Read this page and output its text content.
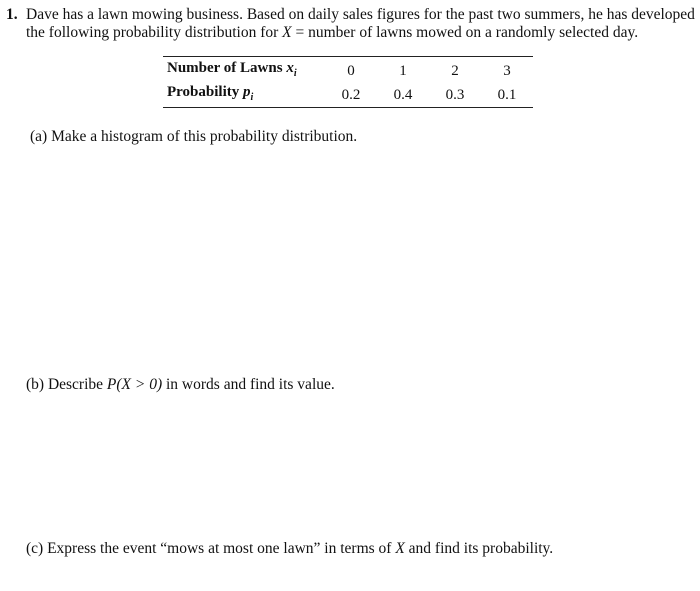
1. Dave has a lawn mowing business. Based on daily sales figures for the past two summers, he has developed
the following probability distribution for X = number of lawns mowed on a randomly selected day.
Number of Lawns $x_i$	0	1	2	3
Probability $p_i$	0.2	0.4	0.3	0.1
(a) Make a histogram of this probability distribution.
(b) Describe P(X > 0) in words and find its value.
(c) Express the event “mows at most one lawn” in terms of X and find its probability.
